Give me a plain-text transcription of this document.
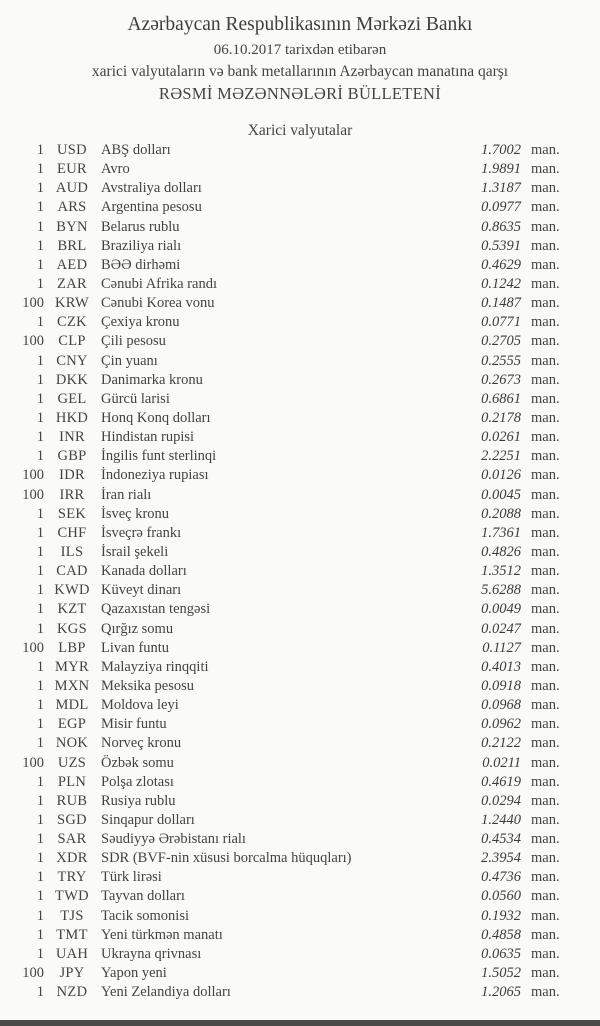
Azərbaycan Respublikasının Mərkəzi Bankı
06.10.2017 tarixdən etibarən
xarici valyutaların və bank metallarının Azərbaycan manatına qarşı
RƏSMİ MƏZƏNNƏLƏRİ BÜLLETENİ
Xarici valyutalar
1 USD ABŞ dolları	1.7002 man.
1 EUR Avro	1.9891 man.
1 AUD Avstraliya dolları	1.3187 man.
1 ARS Argentina pesosu	0.0977 man.
1 BYN Belarus rublu	0.8635 man.
1 BRL Braziliya rialı	0.5391 man.
1 AED BƏƏ dirhəmi	0.4629 man.
1 ZAR Cənubi Afrika randı	0.1242 man.
100 KRW Cənubi Korea vonu	0.1487 man.
1 CZK Çexiya kronu	0.0771 man.
100 CLP	Çili pesosu	0.2705 man.
1 CNY Çin yuanı	0.2555 man.
1 DKK Danimarka kronu	0.2673 man.
1 GEL Gürcü larisi	0.6861 man.
1 HKD Honq Konq dolları	0.2178 man.
1	INR	Hindistan rupisi	0.0261 man.
1 GBP İngilis funt sterlinqi	2.2251 man.
100	IDR	İndoneziya rupiası	0.0126 man.
100	IRR	İran rialı	0.0045 man.
1 SEK	İsveç kronu	0.2088 man.
1 CHF İsveçrə frankı	1.7361 man.
1	ILS	İsrail şekeli	0.4826 man.
1 CAD Kanada dolları	1.3512 man.
1 KWD Küveyt dinarı	5.6288 man.
1 KZT Qazaxıstan tengəsi	0.0049 man.
1 KGS Qırğız somu	0.0247 man.
100 LBP	Livan funtu	0.1127 man.
1 MYR Malayziya rinqqiti	0.4013 man.
1 MXN Meksika pesosu	0.0918 man.
1 MDL Moldova leyi	0.0968 man.
1 EGP	Misir funtu	0.0962 man.
1 NOK Norveç kronu	0.2122 man.
100 UZS	Özbək somu	0.0211 man.
1 PLN	Polşa zlotası	0.4619 man.
1 RUB Rusiya rublu	0.0294 man.
1 SGD Sinqapur dolları	1.2440 man.
1 SAR Səudiyyə Ərəbistanı rialı	0.4534 man.
1 XDR SDR (BVF-nin xüsusi borcalma hüquqları)	2.3954 man.
1 TRY Türk lirəsi	0.4736 man.
1 TWD Tayvan dolları	0.0560 man.
1	TJS	Tacik somonisi	0.1932 man.
1 TMT Yeni türkmən manatı	0.4858 man.
1 UAH Ukrayna qrivnası	0.0635 man.
100	JPY	Yapon yeni	1.5052 man.
1 NZD Yeni Zelandiya dolları	1.2065 man.
